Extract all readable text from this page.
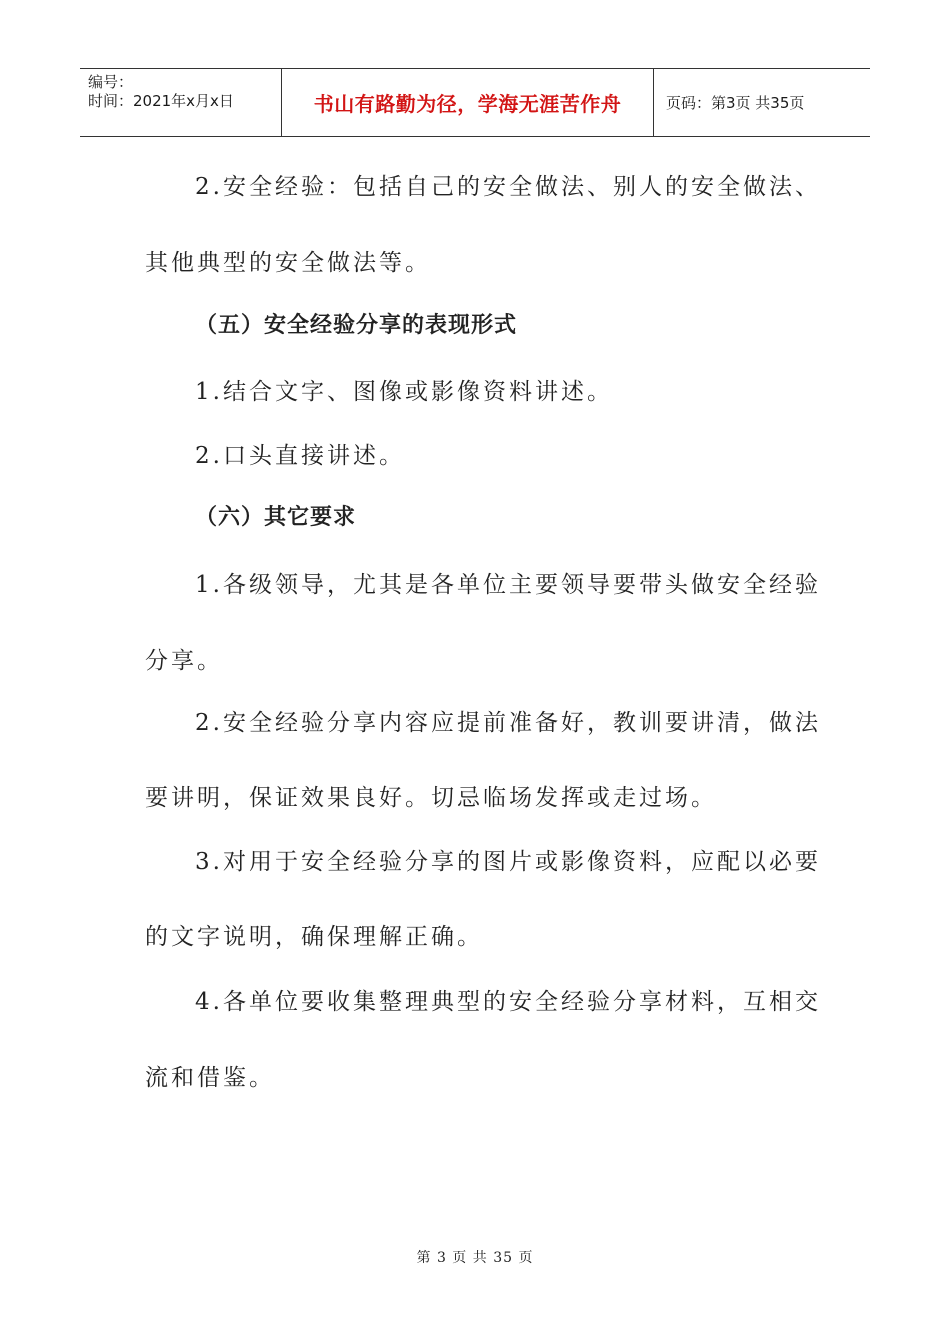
编号：
时间：2021年x月x日	书山有路勤为径，学海无涯苦作舟	页码：第3页 共35页

2.安全经验：包括自己的安全做法、别人的安全做法、

其他典型的安全做法等。

（五）安全经验分享的表现形式

1.结合文字、图像或影像资料讲述。

2.口头直接讲述。

（六）其它要求

1.各级领导，尤其是各单位主要领导要带头做安全经验

分享。

2.安全经验分享内容应提前准备好，教训要讲清，做法

要讲明，保证效果良好。切忌临场发挥或走过场。

3.对用于安全经验分享的图片或影像资料，应配以必要

的文字说明，确保理解正确。

4.各单位要收集整理典型的安全经验分享材料，互相交

流和借鉴。

第 3 页 共 35 页
